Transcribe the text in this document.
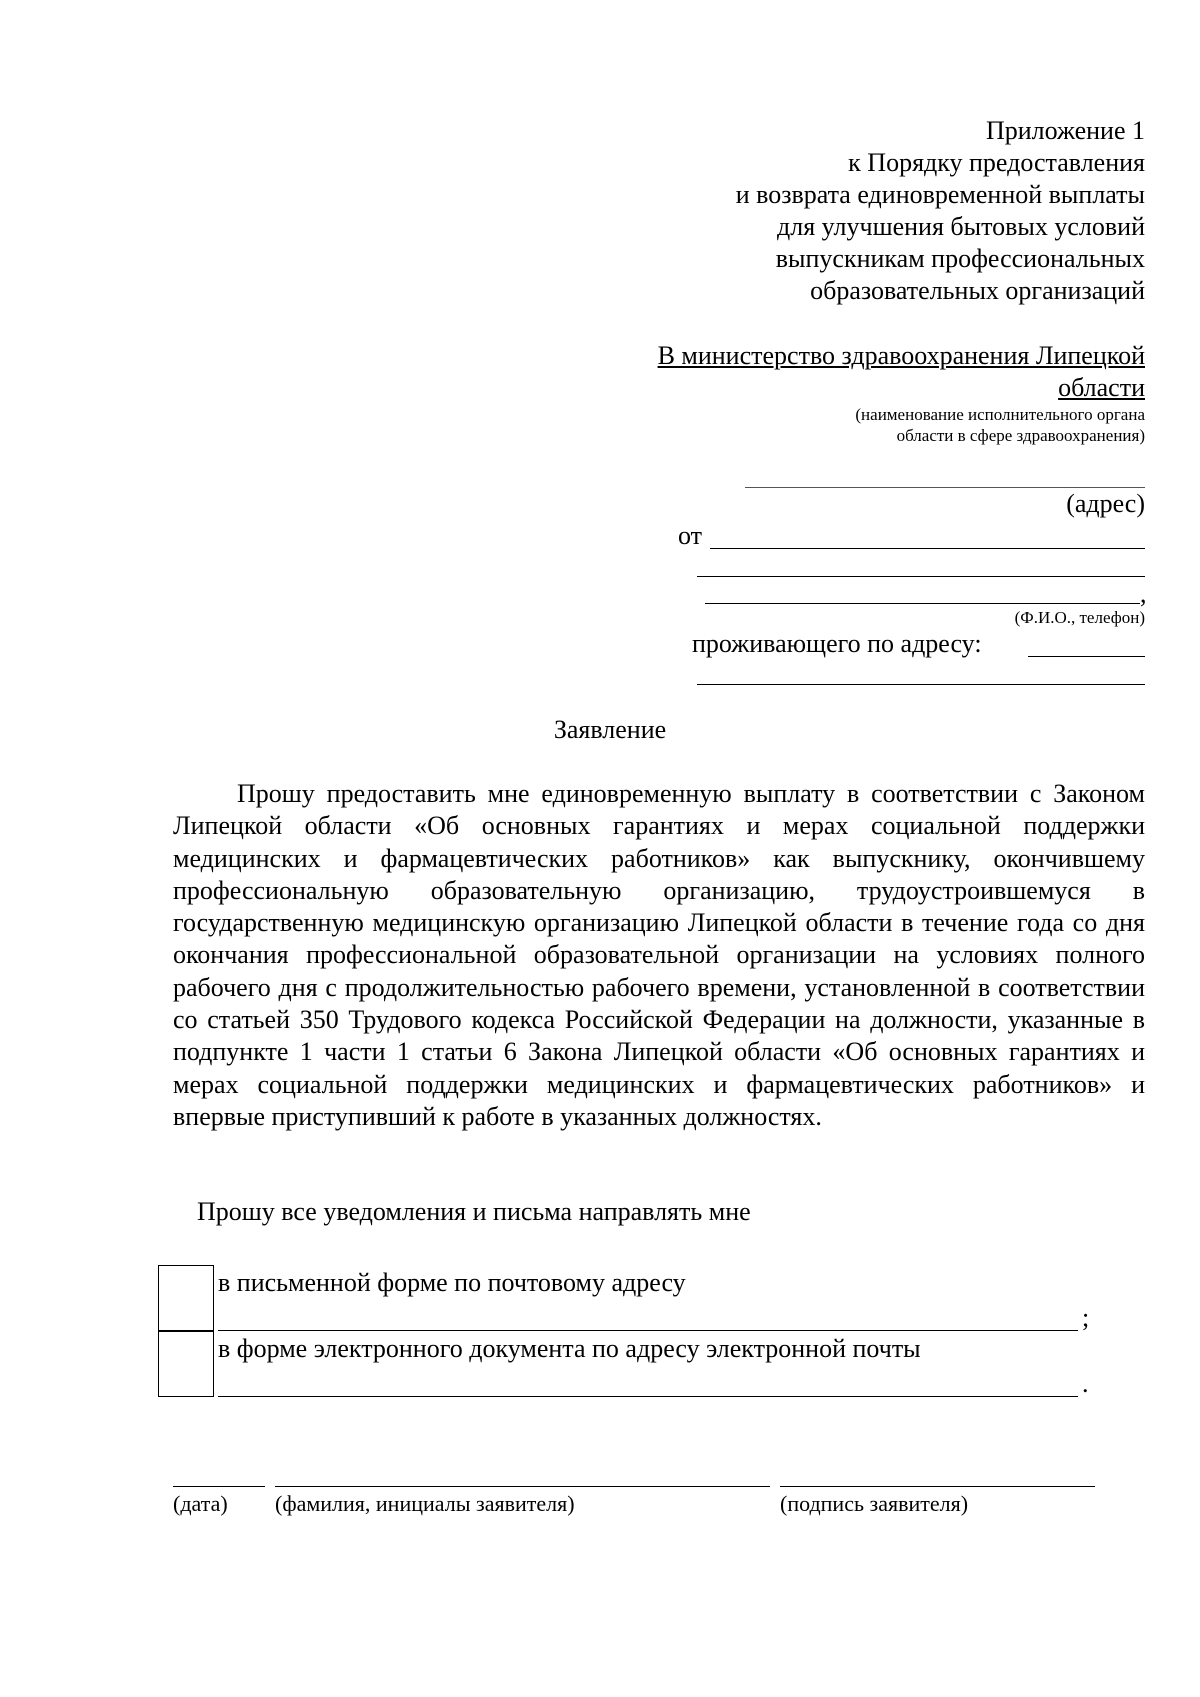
Приложение 1
к Порядку предоставления
и возврата единовременной выплаты
для улучшения бытовых условий
выпускникам профессиональных
образовательных организаций
В министерство здравоохранения Липецкой
области
(наименование исполнительного органа
области в сфере здравоохранения)
(адрес)
от
,
(Ф.И.О., телефон)
проживающего по адресу:
Заявление
Прошу предоставить мне единовременную выплату в соответствии с Законом Липецкой области «Об основных гарантиях и мерах социальной поддержки медицинских и фармацевтических работников» как выпускнику, окончившему профессиональную образовательную организацию, трудоустроившемуся в государственную медицинскую организацию Липецкой области в течение года со дня окончания профессиональной образовательной организации на условиях полного рабочего дня с продолжительностью рабочего времени, установленной в соответствии со статьей 350 Трудового кодекса Российской Федерации на должности, указанные в подпункте 1 части 1 статьи 6 Закона Липецкой области «Об основных гарантиях и мерах социальной поддержки медицинских и фармацевтических работников» и впервые приступивший к работе в указанных должностях.
Прошу все уведомления и письма направлять мне
в письменной форме по почтовому адресу
;
в форме электронного документа по адресу электронной почты
.
(дата) (фамилия, инициалы заявителя)	(подпись заявителя)
